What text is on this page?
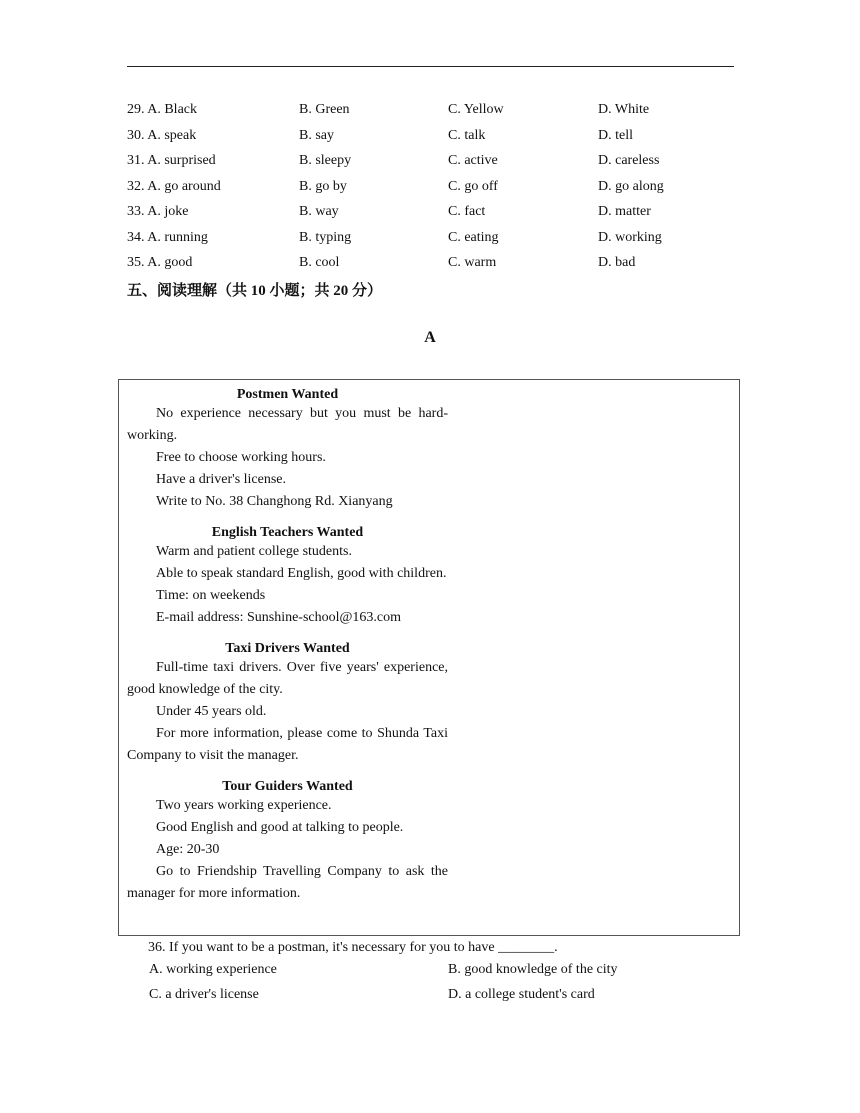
29. A. Black	B. Green	C. Yellow	D. White
30. A. speak	B. say	C. talk	D. tell
31. A. surprised	B. sleepy	C. active	D. careless
32. A. go around	B. go by	C. go off	D. go along
33. A. joke	B. way	C. fact	D. matter
34. A. running	B. typing	C. eating	D. working
35. A. good	B. cool	C. warm	D. bad
五、阅读理解（共 10 小题；共 20 分）
A
Postmen Wanted
No experience necessary but you must be hard-working.
Free to choose working hours.
Have a driver's license.
Write to No. 38 Changhong Rd. Xianyang
English Teachers Wanted
Warm and patient college students.
Able to speak standard English, good with children.
Time: on weekends
E-mail address: Sunshine-school@163.com
Taxi Drivers Wanted
Full-time taxi drivers. Over five years' experience, good knowledge of the city.
Under 45 years old.
For more information, please come to Shunda Taxi Company to visit the manager.
Tour Guiders Wanted
Two years working experience.
Good English and good at talking to people.
Age: 20-30
Go to Friendship Travelling Company to ask the manager for more information.
36. If you want to be a postman, it's necessary for you to have ________.
A. working experience	B. good knowledge of the city
C. a driver's license	D. a college student's card
